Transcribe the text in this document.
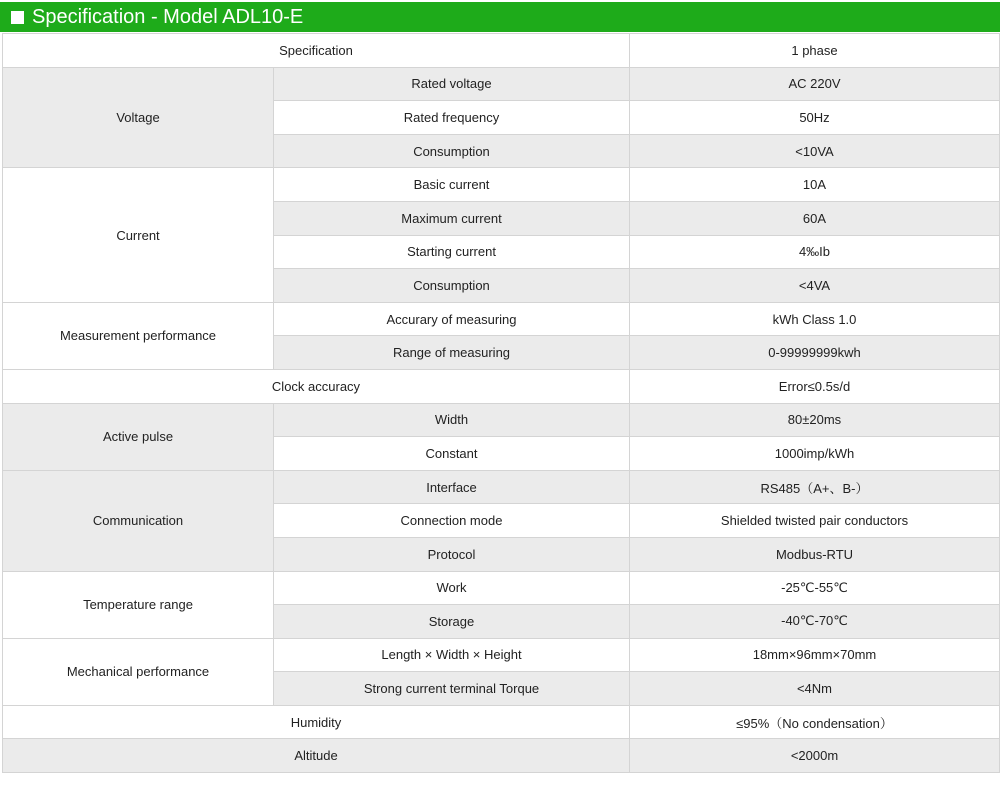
Specification - Model ADL10-E
Specification		1 phase
Voltage	Rated voltage	AC 220V
	Rated frequency	50Hz
	Consumption	<10VA
Current	Basic current	10A
	Maximum current	60A
	Starting current	4‰Ib
	Consumption	<4VA
Measurement performance	Accurary of measuring	kWh Class 1.0
	Range of measuring	0-99999999kwh
Clock accuracy		Error≤0.5s/d
Active pulse	Width	80±20ms
	Constant	1000imp/kWh
Communication	Interface	RS485（A+、B-）
	Connection mode	Shielded twisted pair conductors
	Protocol	Modbus-RTU
Temperature range	Work	-25℃-55℃
	Storage	-40℃-70℃
Mechanical performance	Length × Width × Height	18mm×96mm×70mm
	Strong current terminal Torque	<4Nm
Humidity		≤95%（No condensation）
Altitude		<2000m
